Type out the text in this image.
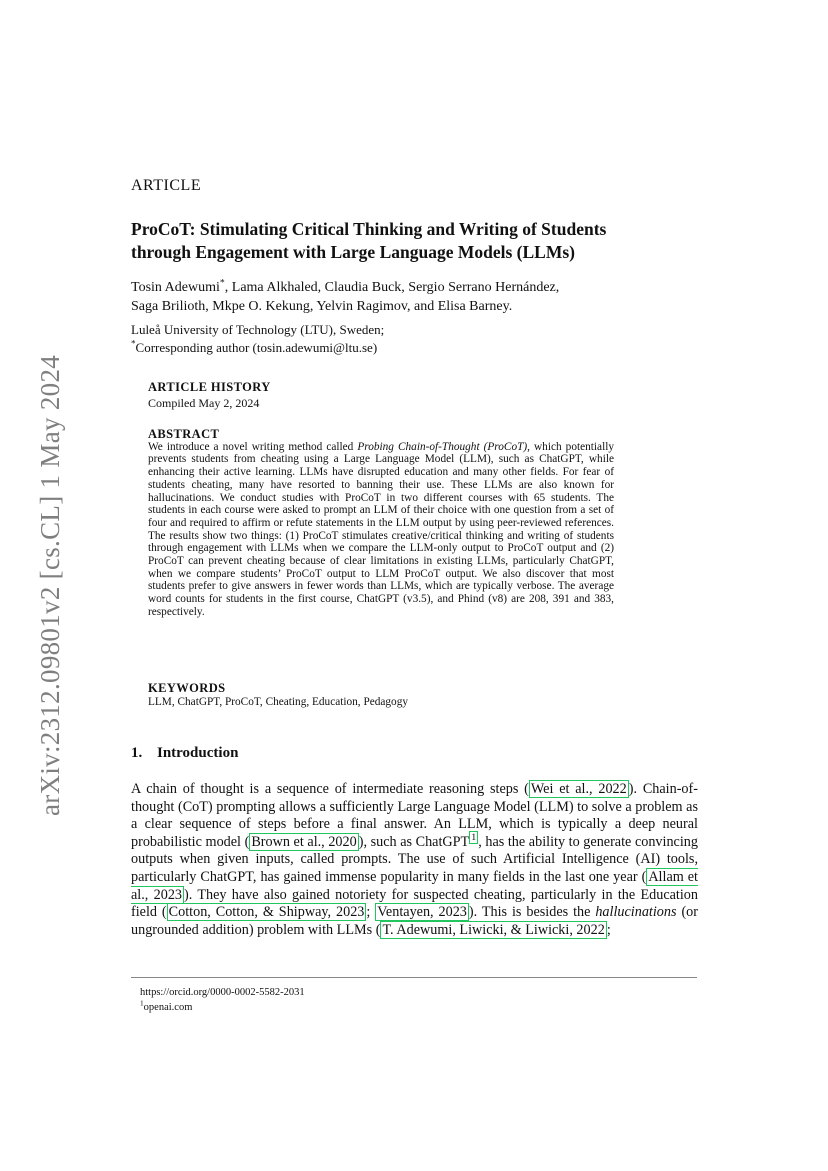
arXiv:2312.09801v2 [cs.CL] 1 May 2024
ARTICLE
ProCoT: Stimulating Critical Thinking and Writing of Students
through Engagement with Large Language Models (LLMs)
Tosin Adewumi*, Lama Alkhaled, Claudia Buck, Sergio Serrano Hernández,
Saga Brilioth, Mkpe O. Kekung, Yelvin Ragimov, and Elisa Barney.
Luleå University of Technology (LTU), Sweden;
*Corresponding author (tosin.adewumi@ltu.se)
ARTICLE HISTORY
Compiled May 2, 2024
ABSTRACT
We introduce a novel writing method called Probing Chain-of-Thought (ProCoT), which potentially prevents students from cheating using a Large Language Model (LLM), such as ChatGPT, while enhancing their active learning. LLMs have disrupted education and many other fields. For fear of students cheating, many have resorted to banning their use. These LLMs are also known for hallucinations. We conduct studies with ProCoT in two different courses with 65 students. The students in each course were asked to prompt an LLM of their choice with one question from a set of four and required to affirm or refute statements in the LLM output by using peer-reviewed references. The results show two things: (1) ProCoT stimulates creative/critical thinking and writing of students through engagement with LLMs when we compare the LLM-only output to ProCoT output and (2) ProCoT can prevent cheating because of clear limitations in existing LLMs, particularly ChatGPT, when we compare students’ ProCoT output to LLM ProCoT output. We also discover that most students prefer to give answers in fewer words than LLMs, which are typically verbose. The average word counts for students in the first course, ChatGPT (v3.5), and Phind (v8) are 208, 391 and 383, respectively.
KEYWORDS
LLM, ChatGPT, ProCoT, Cheating, Education, Pedagogy
1. Introduction
A chain of thought is a sequence of intermediate reasoning steps ( Wei et al., 2022 ). Chain-of-thought (CoT) prompting allows a sufficiently Large Language Model (LLM) to solve a problem as a clear sequence of steps before a final answer. An LLM, which is typically a deep neural probabilistic model ( Brown et al., 2020 ), such as ChatGPT $^1$ , has the ability to generate convincing outputs when given inputs, called prompts. The use of such Artificial Intelligence (AI) tools, particularly ChatGPT, has gained immense popularity in many fields in the last one year ( Allam et al., 2023 ). They have also gained notoriety for suspected cheating, particularly in the Education field ( Cotton, Cotton, & Shipway, 2023 ; Ventayen, 2023 ). This is besides the hallucinations (or ungrounded addition) problem with LLMs ( T. Adewumi, Liwicki, & Liwicki, 2022 ;
https://orcid.org/0000-0002-5582-2031
$^1$openai.com
